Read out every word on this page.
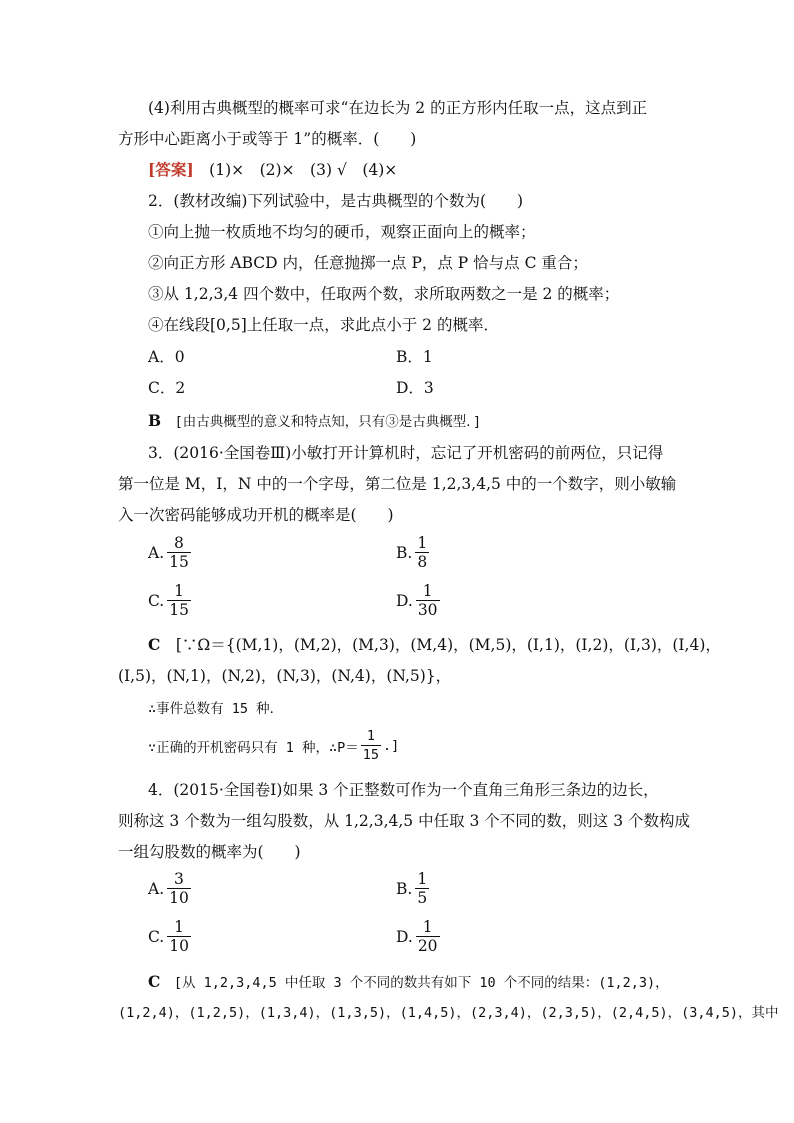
(4)利用古典概型的概率可求“在边长为 2 的正方形内任取一点，这点到正
方形中心距离小于或等于 1”的概率．(　　)
[答案]　(1)×　(2)×　(3) √　(4)×
2．(教材改编)下列试验中，是古典概型的个数为(　　)
①向上抛一枚质地不均匀的硬币，观察正面向上的概率；
②向正方形 ABCD 内，任意抛掷一点 P，点 P 恰与点 C 重合；
③从 1,2,3,4 四个数中，任取两个数，求所取两数之一是 2 的概率；
④在线段[0,5]上任取一点，求此点小于 2 的概率．
A．0	B．1
C．2	D．3
B　[由古典概型的意义和特点知，只有③是古典概型．]
3．(2016·全国卷Ⅲ)小敏打开计算机时，忘记了开机密码的前两位，只记得
第一位是 M，I，N 中的一个字母，第二位是 1,2,3,4,5 中的一个数字，则小敏输
入一次密码能够成功开机的概率是(　　)
A. $\frac{8}{15}$	B. $\frac{1}{8}$
C. $\frac{1}{15}$	D. $\frac{1}{30}$
C　[∵Ω＝{(M,1)，(M,2)，(M,3)，(M,4)，(M,5)，(I,1)，(I,2)，(I,3)，(I,4)，
(I,5)，(N,1)，(N,2)，(N,3)，(N,4)，(N,5)}，
∴事件总数有 15 种．
∵正确的开机密码只有 1 种，∴P＝ $\frac{1}{15}$ .]
4．(2015·全国卷Ⅰ)如果 3 个正整数可作为一个直角三角形三条边的边长，
则称这 3 个数为一组勾股数，从 1,2,3,4,5 中任取 3 个不同的数，则这 3 个数构成
一组勾股数的概率为(　　)
A. $\frac{3}{10}$	B. $\frac{1}{5}$
C. $\frac{1}{10}$	D. $\frac{1}{20}$
C　[从 1,2,3,4,5 中任取 3 个不同的数共有如下 10 个不同的结果：(1,2,3)，
(1,2,4)，(1,2,5)，(1,3,4)，(1,3,5)，(1,4,5)，(2,3,4)，(2,3,5)，(2,4,5)，(3,4,5)，其中
